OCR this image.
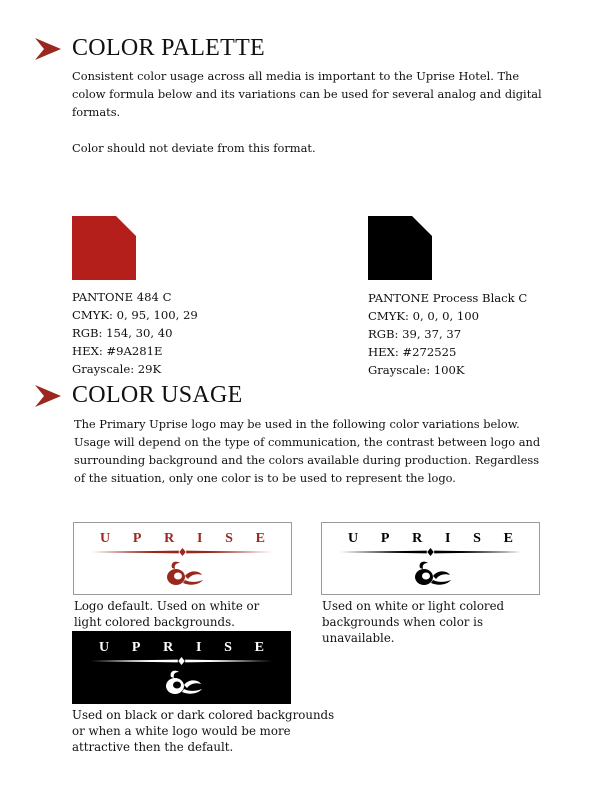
COLOR PALETTE

Consistent color usage across all media is important to the Uprise Hotel. The colow formula below and its variations can be used for several analog and digital formats.

Color should not deviate from this format.

PANTONE 484 C
CMYK: 0, 95, 100, 29
RGB: 154, 30, 40
HEX: #9A281E
Grayscale: 29K
PANTONE Process Black C
CMYK: 0, 0, 0, 100
RGB: 39, 37, 37
HEX: #272525
Grayscale: 100K
COLOR USAGE

The Primary Uprise logo may be used in the following color variations below. Usage will depend on the type of communication, the contrast between logo and surrounding background and the colors available during production. Regardless of the situation, only one color is to be used to represent the logo.

U P R I S E
Logo default. Used on white or light colored backgrounds.
U P R I S E
Used on white or light colored backgrounds when color is unavailable.
U P R I S E
Used on black or dark colored backgrounds or when a white logo would be more attractive then the default.
